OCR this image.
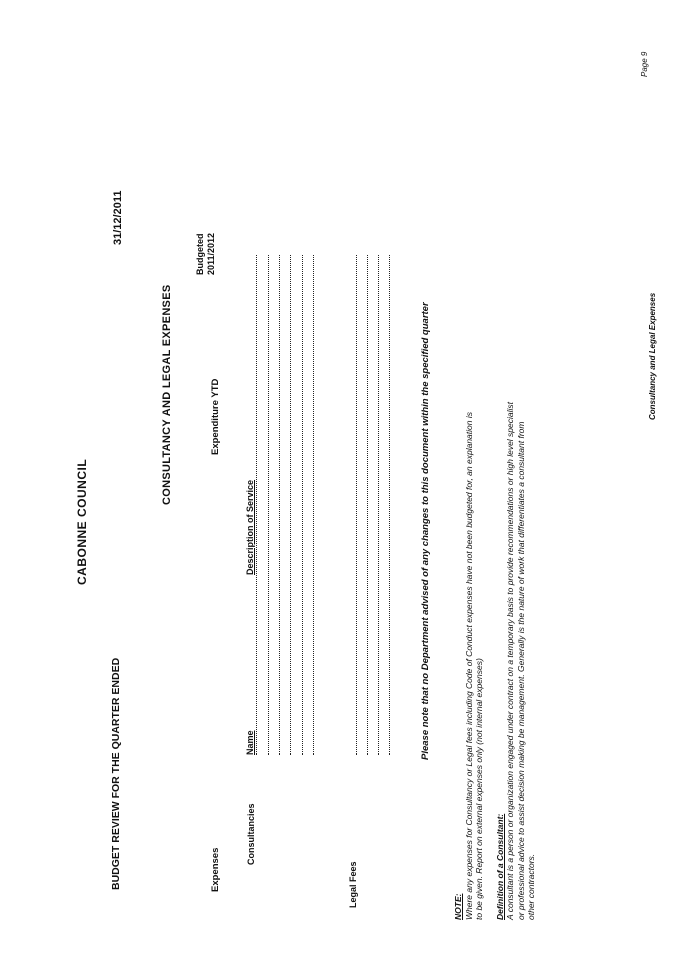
BUDGET REVIEW FOR THE QUARTER ENDED
CABONNE COUNCIL
31/12/2011
CONSULTANCY AND LEGAL EXPENSES
Expenses
Expenditure YTD
Budgeted 2011/2012
Consultancies
Name
Description of Service
Legal Fees
Please note that no Department advised of any changes to this document within the specified quarter

NOTE: Where any expenses for Consultancy or Legal fees including Code of Conduct expenses have not been budgeted for, an explanation is
to be given. Report on external expenses only (not internal expenses) Definition of a Consultant: A consultant is a person or organization engaged under contract on a temporary basis to provide recommendations or high level specialist
or professional advice to assist decision making be management. Generally is the nature of work that differentiates a consultant from
other contractors.

Consultancy and Legal Expenses
Page 9
